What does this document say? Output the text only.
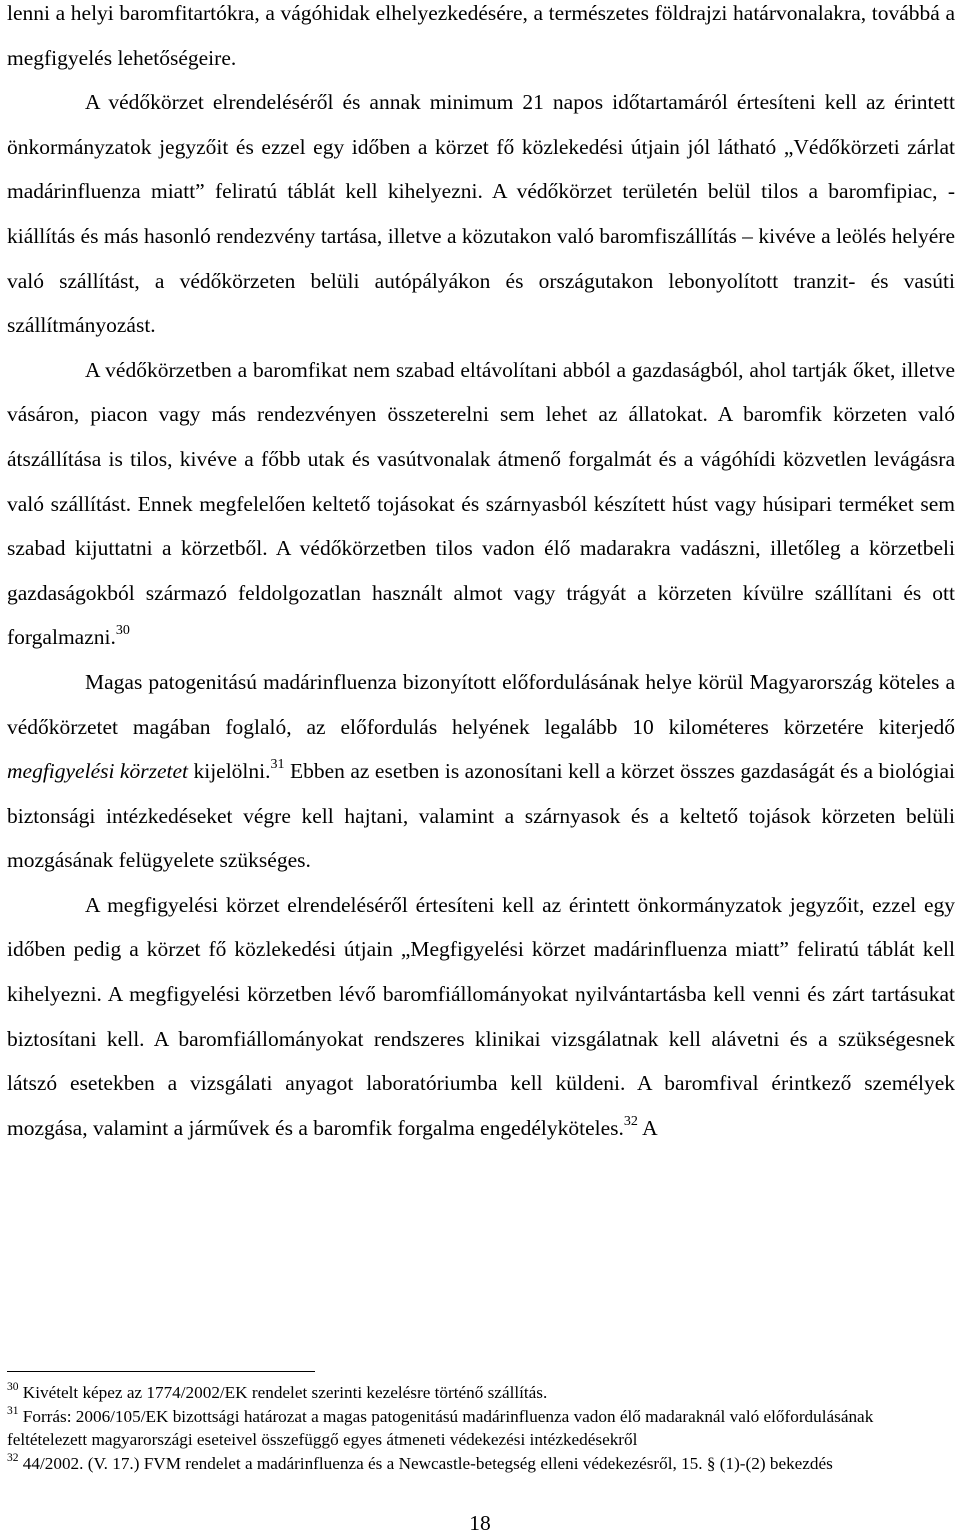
lenni a helyi baromfitartókra, a vágóhidak elhelyezkedésére, a természetes földrajzi határvonalakra, továbbá a megfigyelés lehetőségeire.

A védőkörzet elrendeléséről és annak minimum 21 napos időtartamáról értesíteni kell az érintett önkormányzatok jegyzőit és ezzel egy időben a körzet fő közlekedési útjain jól látható „Védőkörzeti zárlat madárinfluenza miatt” feliratú táblát kell kihelyezni. A védőkörzet területén belül tilos a baromfipiac, -kiállítás és más hasonló rendezvény tartása, illetve a közutakon való baromfiszállítás – kivéve a leölés helyére való szállítást, a védőkörzeten belüli autópályákon és országutakon lebonyolított tranzit- és vasúti szállítmányozást.

A védőkörzetben a baromfikat nem szabad eltávolítani abból a gazdaságból, ahol tartják őket, illetve vásáron, piacon vagy más rendezvényen összeterelni sem lehet az állatokat. A baromfik körzeten való átszállítása is tilos, kivéve a főbb utak és vasútvonalak átmenő forgalmát és a vágóhídi közvetlen levágásra való szállítást. Ennek megfelelően keltető tojásokat és szárnyasból készített húst vagy húsipari terméket sem szabad kijuttatni a körzetből. A védőkörzetben tilos vadon élő madarakra vadászni, illetőleg a körzetbeli gazdaságokból származó feldolgozatlan használt almot vagy trágyát a körzeten kívülre szállítani és ott forgalmazni.$^{30}$

Magas patogenitású madárinfluenza bizonyított előfordulásának helye körül Magyarország köteles a védőkörzetet magában foglaló, az előfordulás helyének legalább 10 kilométeres körzetére kiterjedő megfigyelési körzetet kijelölni.$^{31}$ Ebben az esetben is azonosítani kell a körzet összes gazdaságát és a biológiai biztonsági intézkedéseket végre kell hajtani, valamint a szárnyasok és a keltető tojások körzeten belüli mozgásának felügyelete szükséges.

A megfigyelési körzet elrendeléséről értesíteni kell az érintett önkormányzatok jegyzőit, ezzel egy időben pedig a körzet fő közlekedési útjain „Megfigyelési körzet madárinfluenza miatt” feliratú táblát kell kihelyezni. A megfigyelési körzetben lévő baromfiállományokat nyilvántartásba kell venni és zárt tartásukat biztosítani kell. A baromfiállományokat rendszeres klinikai vizsgálatnak kell alávetni és a szükségesnek látszó esetekben a vizsgálati anyagot laboratóriumba kell küldeni. A baromfival érintkező személyek mozgása, valamint a járművek és a baromfik forgalma engedélyköteles.$^{32}$ A

$^{30}$ Kivételt képez az 1774/2002/EK rendelet szerinti kezelésre történő szállítás.

$^{31}$ Forrás: 2006/105/EK bizottsági határozat a magas patogenitású madárinfluenza vadon élő madaraknál való előfordulásának feltételezett magyarországi eseteivel összefüggő egyes átmeneti védekezési intézkedésekről

$^{32}$ 44/2002. (V. 17.) FVM rendelet a madárinfluenza és a Newcastle-betegség elleni védekezésről, 15. § (1)-(2) bekezdés

18
